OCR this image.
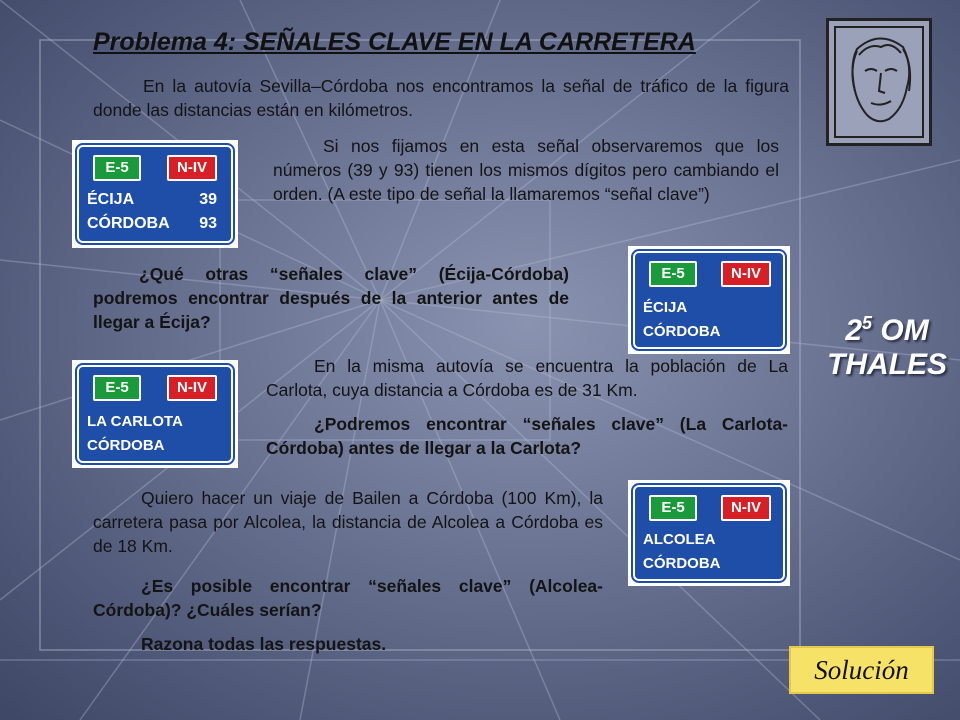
Problema 4: SEÑALES CLAVE EN LA CARRETERA

En la autovía Sevilla–Córdoba nos encontramos la señal de tráfico de la figura donde las distancias están en kilómetros.

E-5	N-IV
ÉCIJA	39
CÓRDOBA 93

Si nos fijamos en esta señal observaremos que los números (39 y 93) tienen los mismos dígitos pero cambiando el orden. (A este tipo de señal la llamaremos “señal clave”)

E-5	N-IV
ÉCIJA
CÓRDOBA

¿Qué otras “señales clave” (Écija-Córdoba) podremos encontrar después de la anterior antes de llegar a Écija?

E-5	N-IV
LA CARLOTA
CÓRDOBA

En la misma autovía se encuentra la población de La Carlota, cuya distancia a Córdoba es de 31 Km.

¿Podremos encontrar “señales clave” (La Carlota-Córdoba) antes de llegar a la Carlota?

Quiero hacer un viaje de Bailen a Córdoba (100 Km), la carretera pasa por Alcolea, la distancia de Alcolea a Córdoba es de 18 Km.

¿Es posible encontrar “señales clave” (Alcolea-Córdoba)? ¿Cuáles serían?

Razona todas las respuestas.

E-5	N-IV
ALCOLEA
CÓRDOBA
$2^5$ OM
THALES
Solución
